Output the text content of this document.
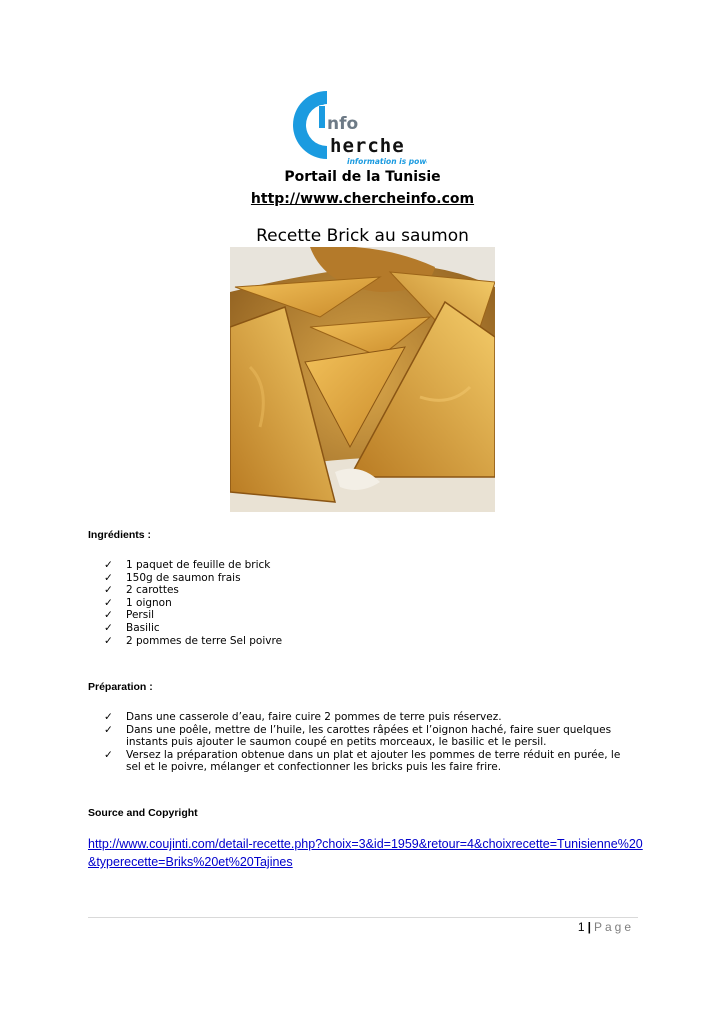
nfo
herche
information is power
Portail de la Tunisie
http://www.chercheinfo.com
Recette Brick au saumon
Ingrédients :
✓ 1 paquet de feuille de brick
✓ 150g de saumon frais
✓ 2 carottes
✓ 1 oignon
✓ Persil
✓ Basilic
✓ 2 pommes de terre Sel poivre
Préparation :
✓ Dans une casserole d’eau, faire cuire 2 pommes de terre puis réservez.
✓ Dans une poêle, mettre de l’huile, les carottes râpées et l’oignon haché, faire suer quelques instants puis ajouter le saumon coupé en petits morceaux, le basilic et le persil.
✓ Versez la préparation obtenue dans un plat et ajouter les pommes de terre réduit en purée, le sel et le poivre, mélanger et confectionner les bricks puis les faire frire.
Source and Copyright
http://www.coujinti.com/detail-recette.php?choix=3&id=1959&retour=4&choixrecette=Tunisienne%20&typerecette=Briks%20et%20Tajines
1 | Page
